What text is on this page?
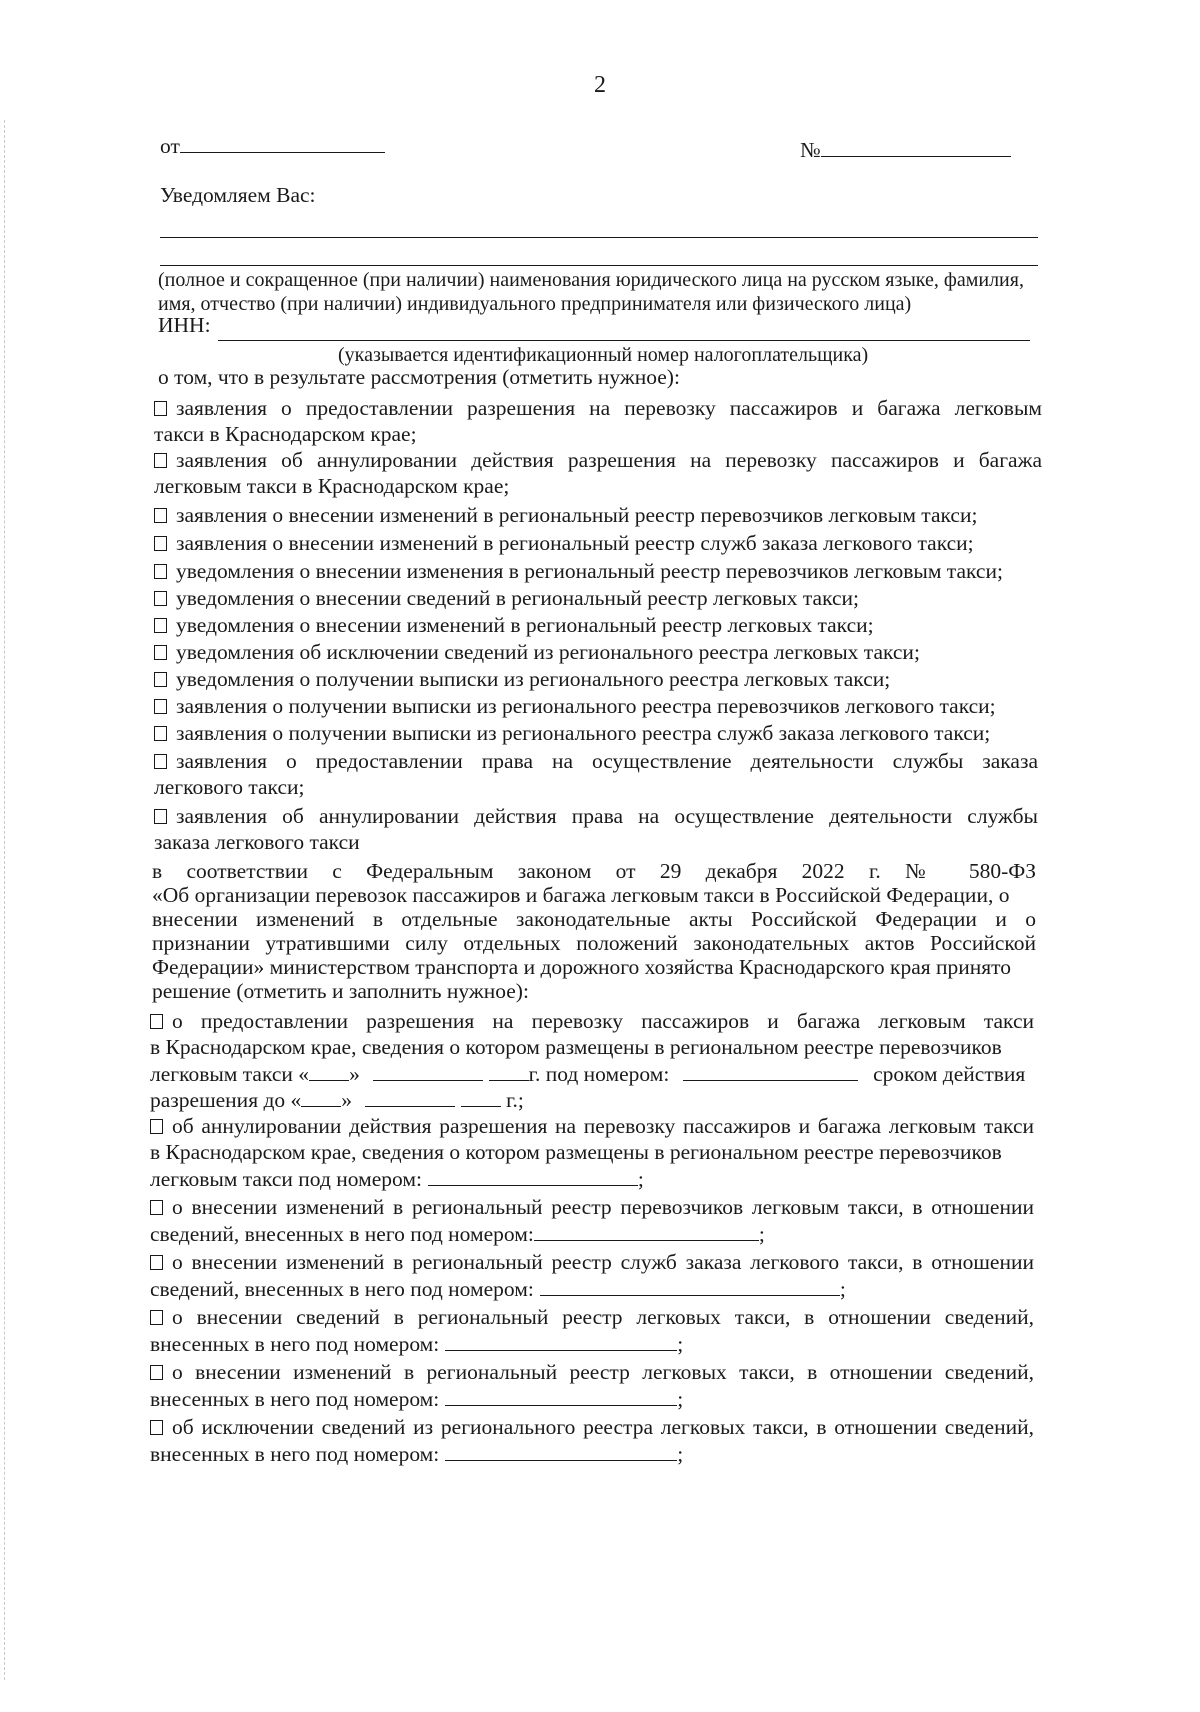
2
от	№
Уведомляем Вас:
(полное и сокращенное (при наличии) наименования юридического лица на русском языке, фамилия,
имя, отчество (при наличии) индивидуального предпринимателя или физического лица)
ИНН:
(указывается идентификационный номер налогоплательщика)
о том, что в результате рассмотрения (отметить нужное):
заявления о предоставлении разрешения на перевозку пассажиров и багажа легковым
такси в Краснодарском крае;
заявления об аннулировании действия разрешения на перевозку пассажиров и багажа
легковым такси в Краснодарском крае;
заявления о внесении изменений в региональный реестр перевозчиков легковым такси;
заявления о внесении изменений в региональный реестр служб заказа легкового такси;
уведомления о внесении изменения в региональный реестр перевозчиков легковым такси;
уведомления о внесении сведений в региональный реестр легковых такси;
уведомления о внесении изменений в региональный реестр легковых такси;
уведомления об исключении сведений из регионального реестра легковых такси;
уведомления о получении выписки из регионального реестра легковых такси;
заявления о получении выписки из регионального реестра перевозчиков легкового такси;
заявления о получении выписки из регионального реестра служб заказа легкового такси;
заявления о предоставлении права на осуществление деятельности службы заказа
легкового такси;
заявления об аннулировании действия права на осуществление деятельности службы
заказа легкового такси
в соответствии с Федеральным законом от 29 декабря 2022 г. № 580-ФЗ
«Об организации перевозок пассажиров и багажа легковым такси в Российской Федерации, о
внесении изменений в отдельные законодательные акты Российской Федерации и о
признании утратившими силу отдельных положений законодательных актов Российской
Федерации» министерством транспорта и дорожного хозяйства Краснодарского края принято
решение (отметить и заполнить нужное):
о предоставлении разрешения на перевозку пассажиров и багажа легковым такси
в Краснодарском крае, сведения о котором размещены в региональном реестре перевозчиков
легковым такси « »	г. под номером:	сроком действия
разрешения до « »	г.;
об аннулировании действия разрешения на перевозку пассажиров и багажа легковым такси
в Краснодарском крае, сведения о котором размещены в региональном реестре перевозчиков
легковым такси под номером:	;
о внесении изменений в региональный реестр перевозчиков легковым такси, в отношении
сведений, внесенных в него под номером:	;
о внесении изменений в региональный реестр служб заказа легкового такси, в отношении
сведений, внесенных в него под номером:	;
о внесении сведений в региональный реестр легковых такси, в отношении сведений,
внесенных в него под номером:	;
о внесении изменений в региональный реестр легковых такси, в отношении сведений,
внесенных в него под номером:	;
об исключении сведений из регионального реестра легковых такси, в отношении сведений,
внесенных в него под номером:	;
